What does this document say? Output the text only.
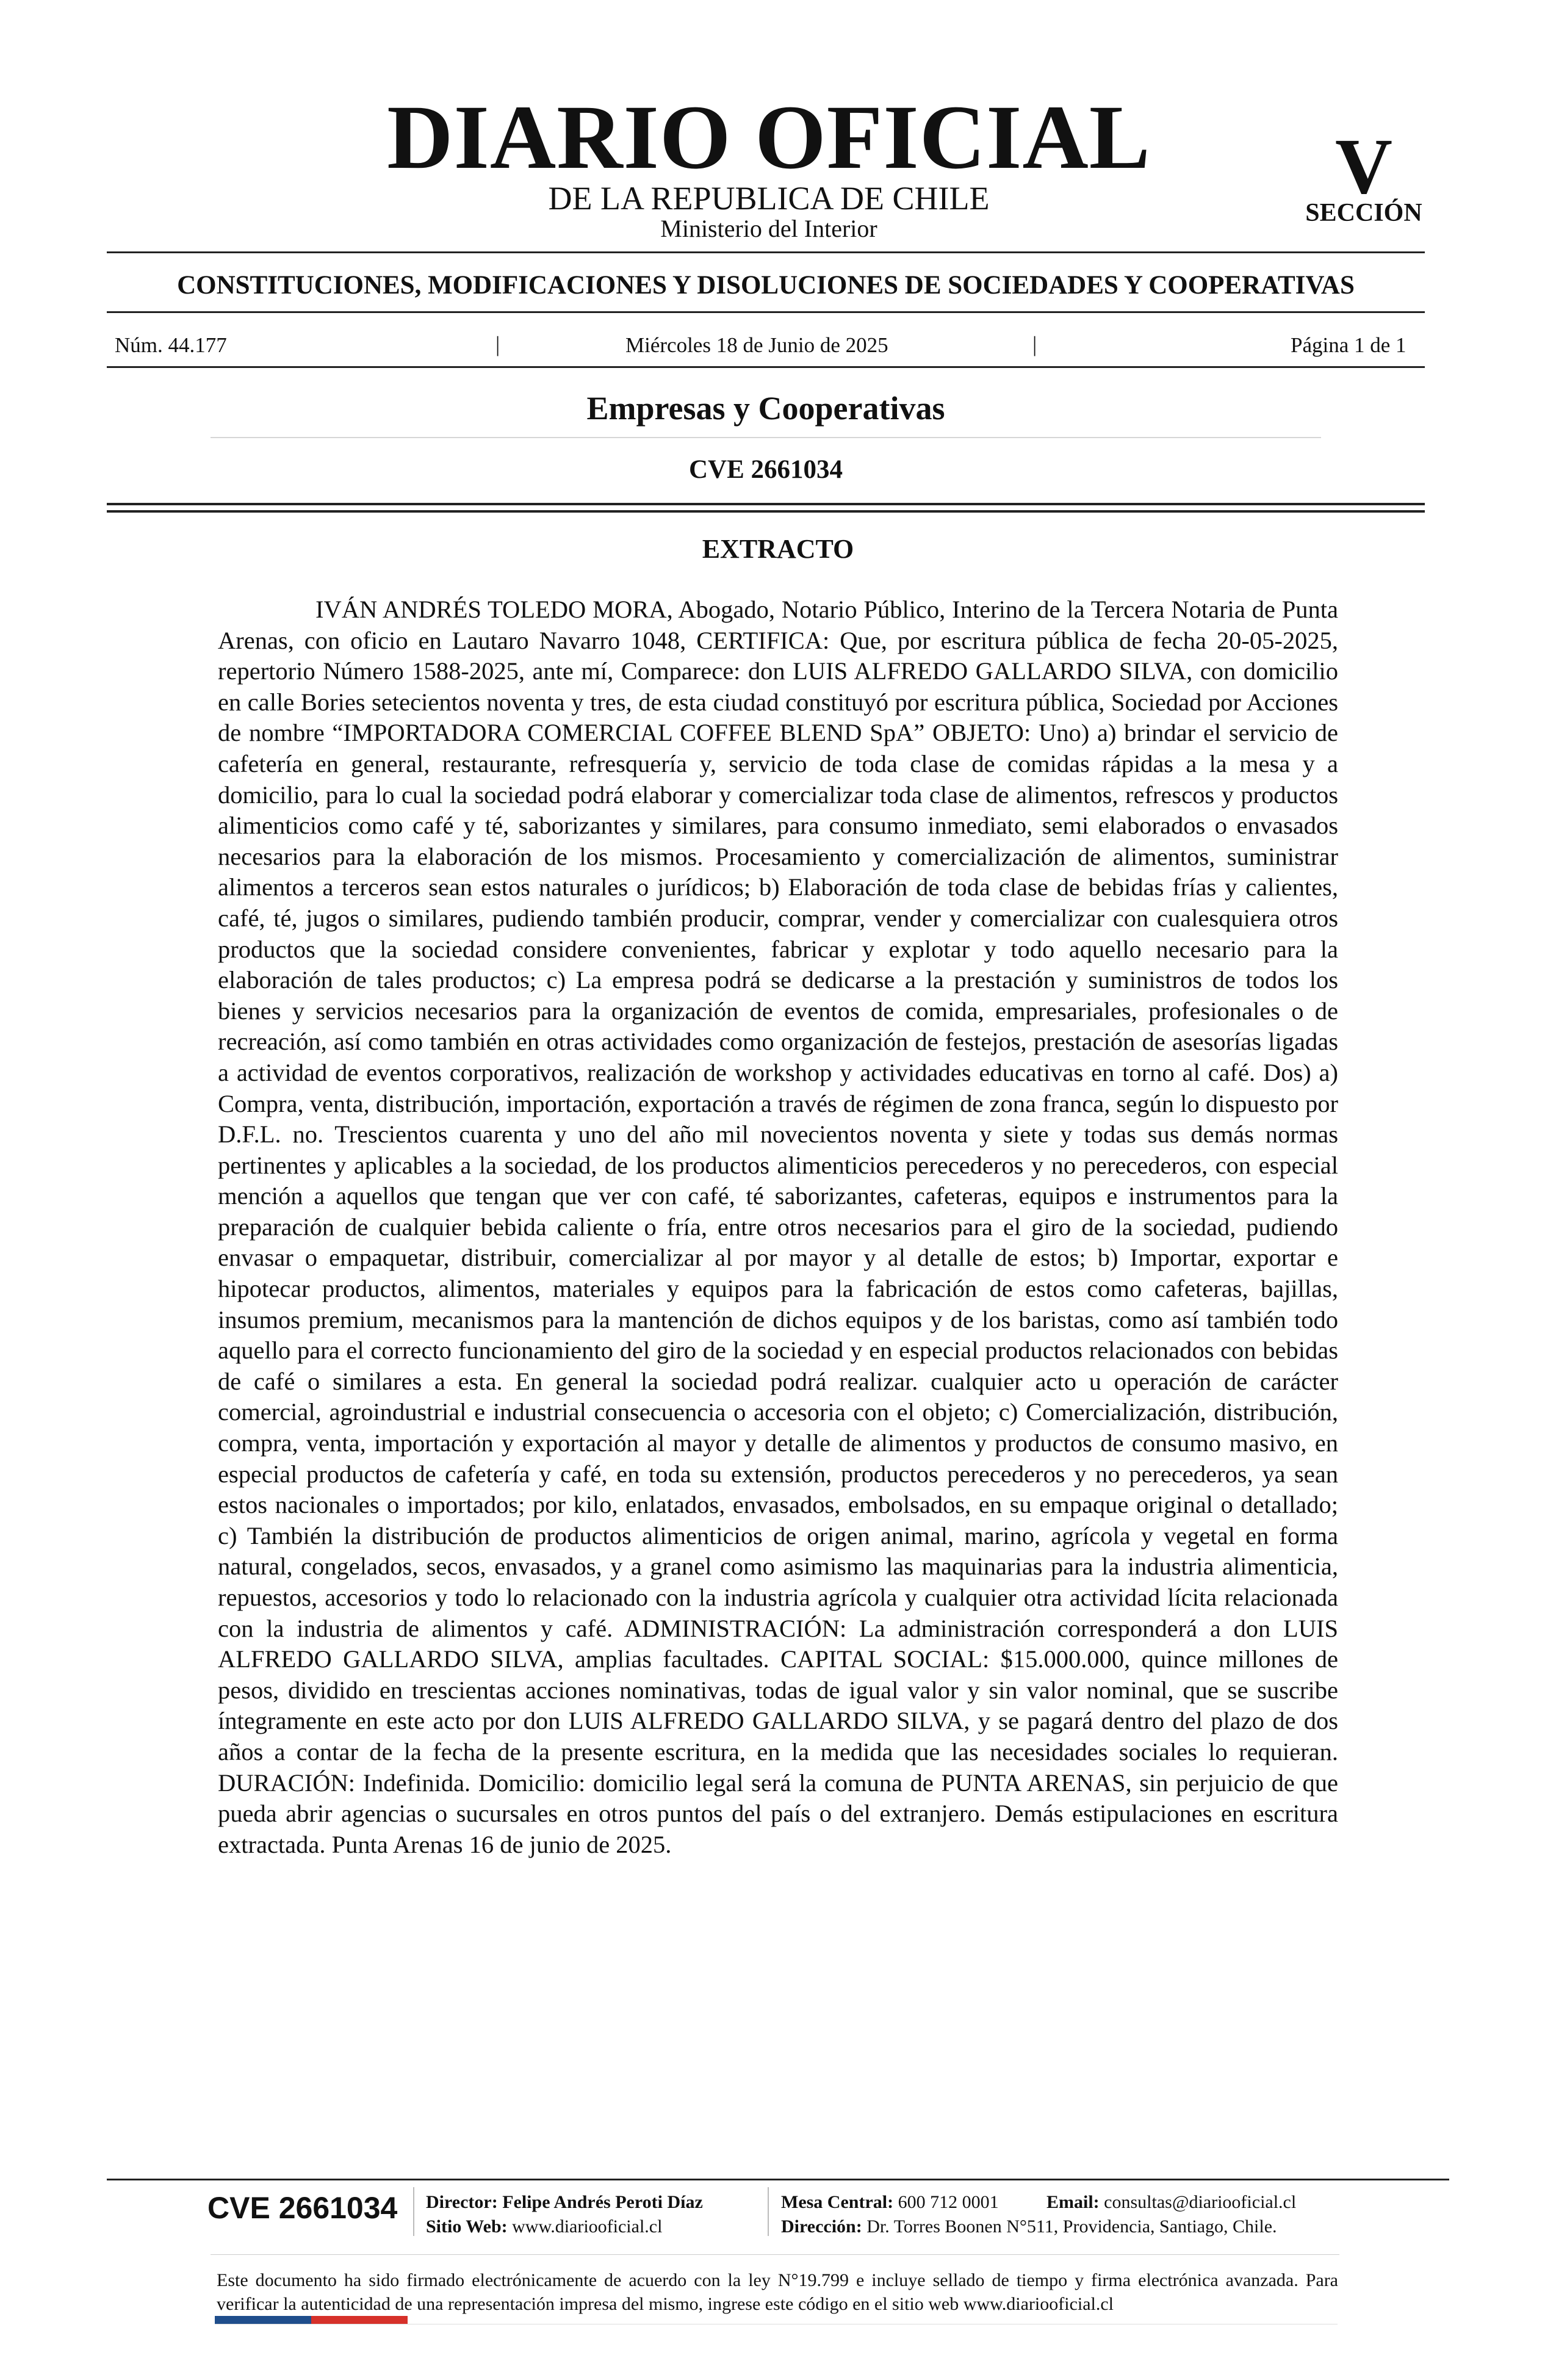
DIARIO OFICIAL
DE LA REPUBLICA DE CHILE
Ministerio del Interior
V
SECCIÓN
CONSTITUCIONES, MODIFICACIONES Y DISOLUCIONES DE SOCIEDADES Y COOPERATIVAS
Núm. 44.177	|	Miércoles 18 de Junio de 2025	|	Página 1 de 1
Empresas y Cooperativas
CVE 2661034
EXTRACTO

IVÁN ANDRÉS TOLEDO MORA, Abogado, Notario Público, Interino de la Tercera Notaria de Punta Arenas, con oficio en Lautaro Navarro 1048, CERTIFICA: Que, por escritura pública de fecha 20-05-2025, repertorio Número 1588-2025, ante mí, Comparece: don LUIS ALFREDO GALLARDO SILVA, con domicilio en calle Bories setecientos noventa y tres, de esta ciudad constituyó por escritura pública, Sociedad por Acciones de nombre “IMPORTADORA COMERCIAL COFFEE BLEND SpA” OBJETO: Uno) a) brindar el servicio de cafetería en general, restaurante, refresquería y, servicio de toda clase de comidas rápidas a la mesa y a domicilio, para lo cual la sociedad podrá elaborar y comercializar toda clase de alimentos, refrescos y productos alimenticios como café y té, saborizantes y similares, para consumo inmediato, semi elaborados o envasados necesarios para la elaboración de los mismos. Procesamiento y comercialización de alimentos, suministrar alimentos a terceros sean estos naturales o jurídicos; b) Elaboración de toda clase de bebidas frías y calientes, café, té, jugos o similares, pudiendo también producir, comprar, vender y comercializar con cualesquiera otros productos que la sociedad considere convenientes, fabricar y explotar y todo aquello necesario para la elaboración de tales productos; c) La empresa podrá se dedicarse a la prestación y suministros de todos los bienes y servicios necesarios para la organización de eventos de comida, empresariales, profesionales o de recreación, así como también en otras actividades como organización de festejos, prestación de asesorías ligadas a actividad de eventos corporativos, realización de workshop y actividades educativas en torno al café. Dos) a) Compra, venta, distribución, importación, exportación a través de régimen de zona franca, según lo dispuesto por D.F.L. no. Trescientos cuarenta y uno del año mil novecientos noventa y siete y todas sus demás normas pertinentes y aplicables a la sociedad, de los productos alimenticios perecederos y no perecederos, con especial mención a aquellos que tengan que ver con café, té saborizantes, cafeteras, equipos e instrumentos para la preparación de cualquier bebida caliente o fría, entre otros necesarios para el giro de la sociedad, pudiendo envasar o empaquetar, distribuir, comercializar al por mayor y al detalle de estos; b) Importar, exportar e hipotecar productos, alimentos, materiales y equipos para la fabricación de estos como cafeteras, bajillas, insumos premium, mecanismos para la mantención de dichos equipos y de los baristas, como así también todo aquello para el correcto funcionamiento del giro de la sociedad y en especial productos relacionados con bebidas de café o similares a esta. En general la sociedad podrá realizar. cualquier acto u operación de carácter comercial, agroindustrial e industrial consecuencia o accesoria con el objeto; c) Comercialización, distribución, compra, venta, importación y exportación al mayor y detalle de alimentos y productos de consumo masivo, en especial productos de cafetería y café, en toda su extensión, productos perecederos y no perecederos, ya sean estos nacionales o importados; por kilo, enlatados, envasados, embolsados, en su empaque original o detallado; c) También la distribución de productos alimenticios de origen animal, marino, agrícola y vegetal en forma natural, congelados, secos, envasados, y a granel como asimismo las maquinarias para la industria alimenticia, repuestos, accesorios y todo lo relacionado con la industria agrícola y cualquier otra actividad lícita relacionada con la industria de alimentos y café. ADMINISTRACIÓN: La administración corresponderá a don LUIS ALFREDO GALLARDO SILVA, amplias facultades. CAPITAL SOCIAL: $15.000.000, quince millones de pesos, dividido en trescientas acciones nominativas, todas de igual valor y sin valor nominal, que se suscribe íntegramente en este acto por don LUIS ALFREDO GALLARDO SILVA, y se pagará dentro del plazo de dos años a contar de la fecha de la presente escritura, en la medida que las necesidades sociales lo requieran. DURACIÓN: Indefinida. Domicilio: domicilio legal será la comuna de PUNTA ARENAS, sin perjuicio de que pueda abrir agencias o sucursales en otros puntos del país o del extranjero. Demás estipulaciones en escritura extractada. Punta Arenas 16 de junio de 2025.

CVE 2661034	Director: Felipe Andrés Peroti Díaz
Sitio Web: www.diariooficial.cl
Mesa Central: 600 712 0001	Email: consultas@diariooficial.cl
Dirección: Dr. Torres Boonen N°511, Providencia, Santiago, Chile.

Este documento ha sido firmado electrónicamente de acuerdo con la ley N°19.799 e incluye sellado de tiempo y firma electrónica avanzada. Para verificar la autenticidad de una representación impresa del mismo, ingrese este código en el sitio web www.diariooficial.cl
